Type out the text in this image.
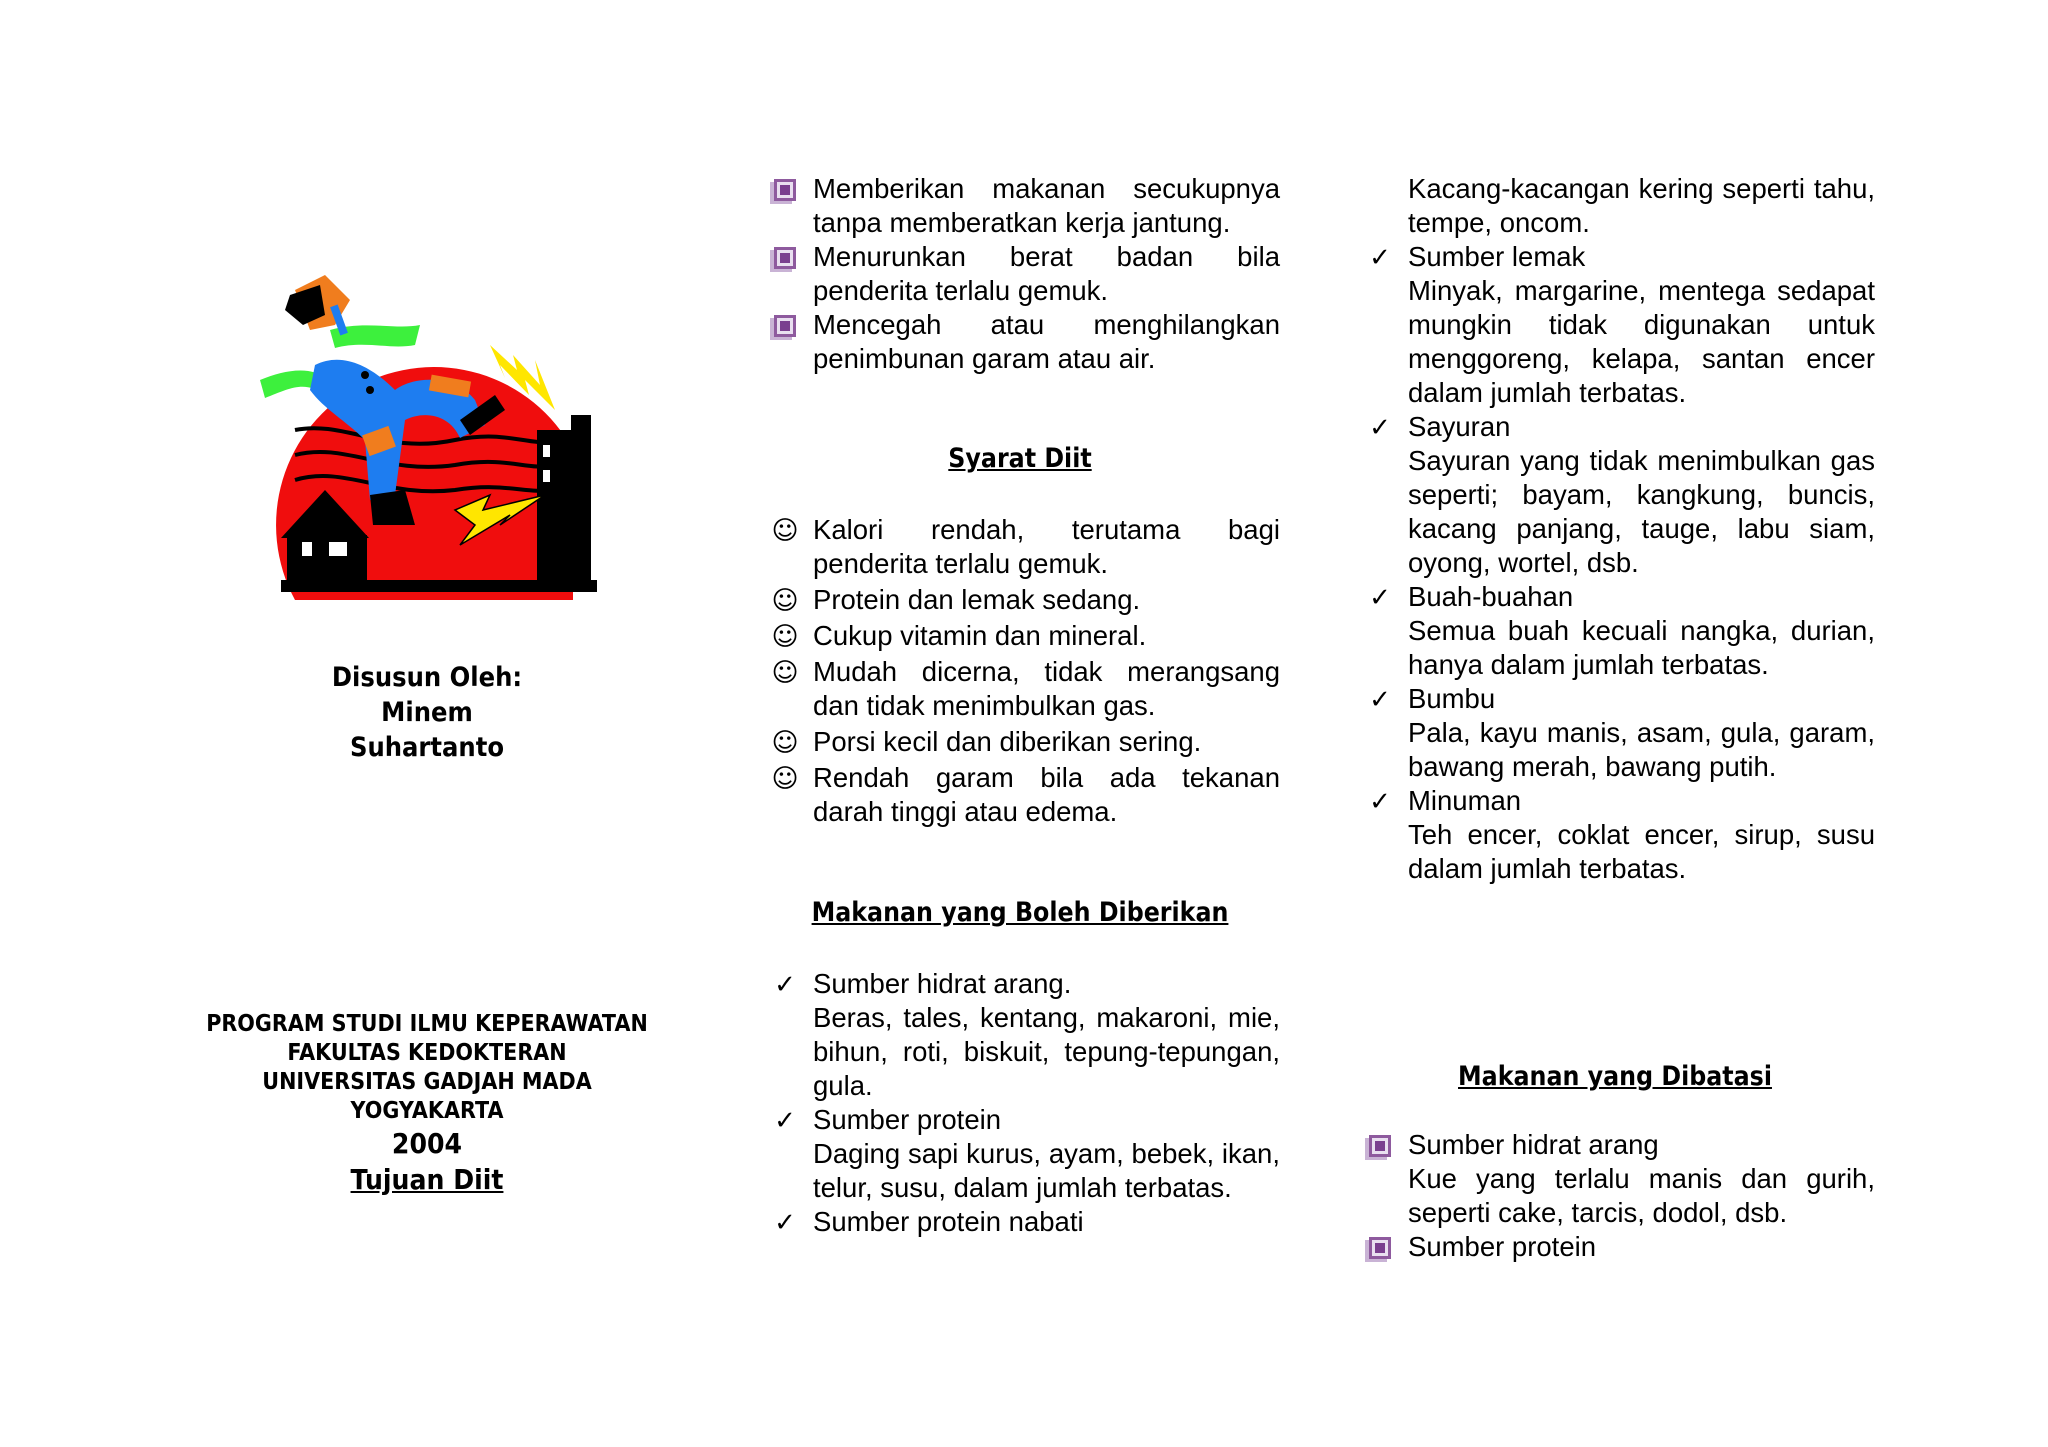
Disusun Oleh:
Minem
Suhartanto
PROGRAM STUDI ILMU KEPERAWATAN
FAKULTAS KEDOKTERAN
UNIVERSITAS GADJAH MADA
YOGYAKARTA
2004
Tujuan Diit
Memberikan makanan secukupnya tanpa memberatkan kerja jantung.
Menurunkan berat badan bila penderita terlalu gemuk.
Mencegah atau menghilangkan penimbunan garam atau air.
Syarat Diit
☺ Kalori rendah, terutama bagi penderita terlalu gemuk.
☺ Protein dan lemak sedang.
☺ Cukup vitamin dan mineral.
☺ Mudah dicerna, tidak merangsang dan tidak menimbulkan gas.
☺ Porsi kecil dan diberikan sering.
☺ Rendah garam bila ada tekanan darah tinggi atau edema.
Makanan yang Boleh Diberikan
✓ Sumber hidrat arang.
Beras, tales, kentang, makaroni, mie, bihun, roti, biskuit, tepung-tepungan, gula.
✓ Sumber protein
Daging sapi kurus, ayam, bebek, ikan, telur, susu, dalam jumlah terbatas.
✓ Sumber protein nabati
Kacang-kacangan kering seperti tahu, tempe, oncom.
✓ Sumber lemak
Minyak, margarine, mentega sedapat mungkin tidak digunakan untuk menggoreng, kelapa, santan encer dalam jumlah terbatas.
✓ Sayuran
Sayuran yang tidak menimbulkan gas seperti; bayam, kangkung, buncis, kacang panjang, tauge, labu siam, oyong, wortel, dsb.
✓ Buah-buahan
Semua buah kecuali nangka, durian, hanya dalam jumlah terbatas.
✓ Bumbu
Pala, kayu manis, asam, gula, garam, bawang merah, bawang putih.
✓ Minuman
Teh encer, coklat encer, sirup, susu dalam jumlah terbatas.
Makanan yang Dibatasi
Sumber hidrat arang
Kue yang terlalu manis dan gurih, seperti cake, tarcis, dodol, dsb.
Sumber protein
